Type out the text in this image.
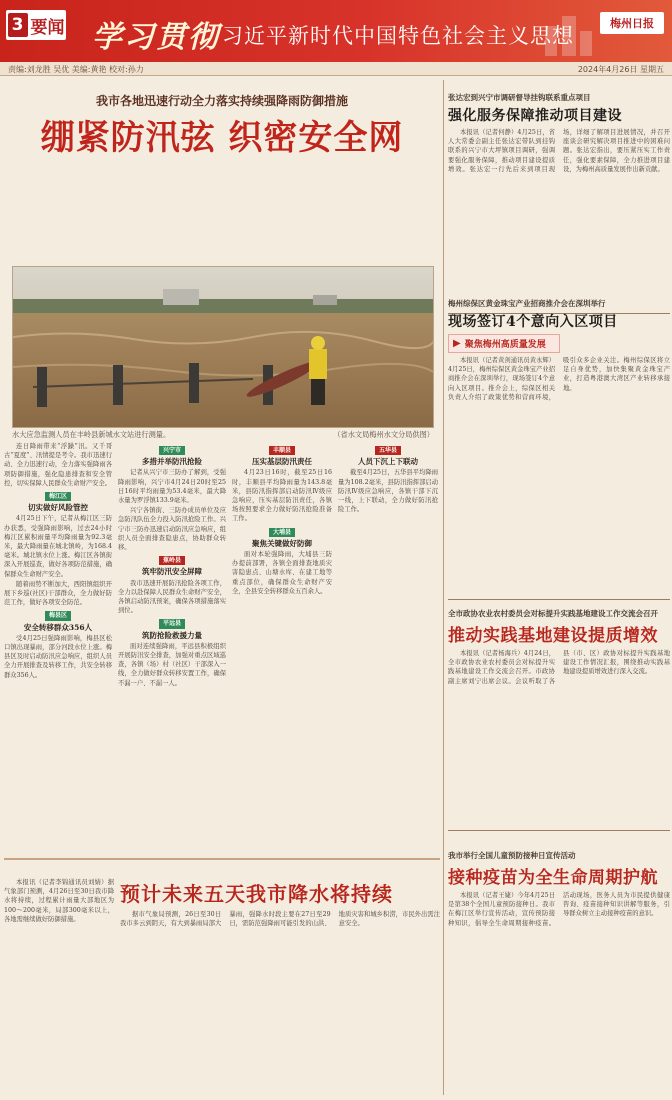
3 要闻 学习贯彻 习近平新时代中国特色社会主义思想
梅州日报
责编:刘龙胜 吴优 美编:黄艳 校对:孙力	2024年4月26日 星期五
我市各地迅速行动全力落实持续强降雨防御措施
绷紧防汛弦 织密安全网
水大应急监测人员在丰岭县新城水文站进行测量。	（省水文局梅州水文分局供图）

连日降雨带来“浮躁”汛。又千哥古“夏度”、汛情提是考令。我市迅速行动、全力迅速行动，全力落实强降雨各项防御措施，强化隐患排查和安全管控，切实保障人民群众生命财产安全。

梅江区
切实做好风险管控

4月25日下午，记者从梅江区三防办获悉，受强降雨影响，过去24小时梅江区累积雨量平均降雨量为92.3毫米，最大降雨量在城北镇岭，为168.4毫米。城北镇水位上涨。梅江区各镇街深入开展巡查，做好各项防范措施，确保群众生命财产安全。

随着雨势不断加大，西阳镇组织开展下乡巡(社区)干部群众，全力做好防范工作，做好各项安全防范。

梅县区
安全转移群众356人

受4月25日强降雨影响，梅县区松口镇出现暴雨，部分河段水位上涨。梅县区及时启动防汛应急响应，组织人员全力开展排查及转移工作，共安全转移群众356人。

兴宁市
多措并举防汛抢险

记者从兴宁市三防办了解到，受强降雨影响，兴宁市4月24日20时至25日16时平均雨量为53.4毫米，最大降水量为罗浮镇133.9毫米。

兴宁各镇街、三防办成员单位及应急防汛队伍全力投入防汛抢险工作。兴宁市三防办迅速启动防汛应急响应，组织人员全面排查隐患点，协助群众转移。

蕉岭县
筑牢防汛安全屏障

我市迅速开展防汛抢险各项工作，全力以赴保障人民群众生命财产安全，各镇启动防汛预案，确保各项措施落实到位。

平远县
筑防抢险救援力量

面对连续强降雨，平远县积极组织开展防汛安全排查，加强对重点区域巡查，各镇（场）村（社区）干部深入一线，全力做好群众转移安置工作，确保不漏一户、不漏一人。

丰顺县
压实基层防汛责任

4月23日16时，截至25日16时，丰顺县平均降雨量为143.8毫米，县防汛指挥部启动防汛Ⅳ级应急响应，压实基层防汛责任，各镇场按照要求全力做好防汛抢险准备工作。

大埔县
聚焦关键做好防御

面对本轮强降雨，大埔县三防办提前部署，各镇全面排查地质灾害隐患点、山塘水库、在建工地等重点部位，确保群众生命财产安全，全县安全转移群众五百余人。

五华县
人员下沉上下联动

截至4月25日，五华县平均降雨量为108.2毫米，县防汛指挥部启动防汛Ⅳ级应急响应，各镇干部下沉一线，上下联动，全力做好防汛抢险工作。

预计未来五天我市降水将持续

本报讯（记者李锦通讯员刘婧）据气象部门预测，4月26日至30日我市降水将持续，过程累计雨量大部地区为100～200毫米，局部300毫米以上，各地需继续做好防御措施。

据市气象局预测，26日至30日我市多云到阴天，有大到暴雨局部大暴雨，强降水时段主要在27日至29日，需防范强降雨可能引发的山洪、地质灾害和城乡积涝，市民外出需注意安全。

张达宏到兴宁市调研督导挂钩联系重点项目
强化服务保障推动项目建设

本报讯（记者何静）4月25日，省人大常委会副主任张达宏带队到挂钩联系的兴宁市大坪镇项目调研，强调要强化服务保障，推动项目建设提质增效。张达宏一行先后来到项目现场，详细了解项目进展情况，并召开座谈会研究解决项目推进中的困难问题。张达宏指出，要压紧压实工作责任，强化要素保障，全力推进项目建设，为梅州高质量发展作出新贡献。

梅州综保区黄金珠宝产业招商推介会在深圳举行
现场签订4个意向入区项目
▶ 聚焦梅州高质量发展

本报讯（记者黄剑通讯员黄永辉）4月25日，梅州综保区黄金珠宝产业招商推介会在深圳举行，现场签订4个意向入区项目。推介会上，综保区相关负责人介绍了政策优势和营商环境，吸引众多企业关注。梅州综保区将立足自身优势，加快集聚黄金珠宝产业，打造粤港澳大湾区产业转移承接地。

全市政协农业农村委员会对标提升实践基地建设工作交流会召开
推动实践基地建设提质增效

本报讯（记者杨海兵）4月24日，全市政协农业农村委员会对标提升实践基地建设工作交流会召开。市政协副主席刘宁出席会议。会议听取了各县（市、区）政协对标提升实践基地建设工作情况汇报，围绕推动实践基地建设提质增效进行深入交流。

我市举行全国儿童预防接种日宣传活动
接种疫苗为全生命周期护航

本报讯（记者王婕）今年4月25日是第38个全国儿童预防接种日。我市在梅江区举行宣传活动，宣传预防接种知识，倡导全生命周期接种疫苗。活动现场，医务人员为市民提供健康咨询、疫苗接种知识讲解等服务，引导群众树立主动接种疫苗的意识。
